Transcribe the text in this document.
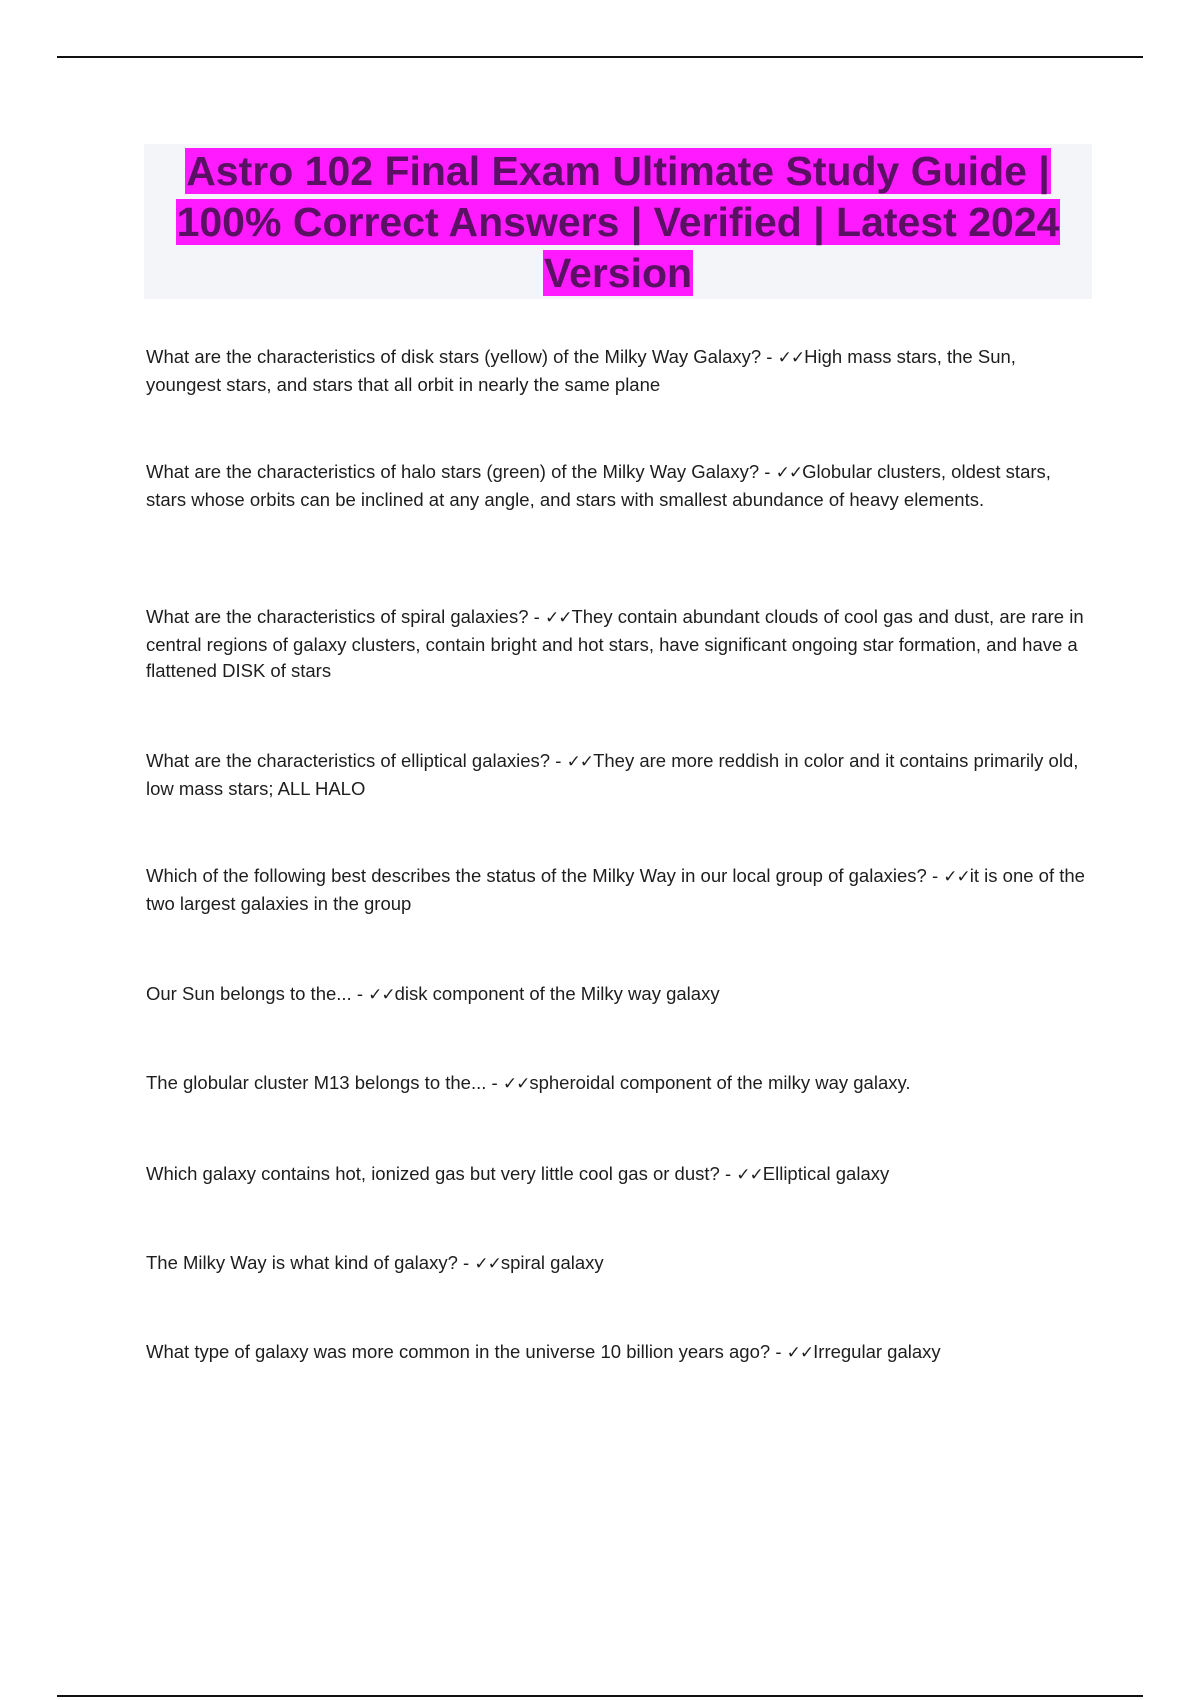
Astro 102 Final Exam Ultimate Study Guide | 100% Correct Answers | Verified | Latest 2024 Version

What are the characteristics of disk stars (yellow) of the Milky Way Galaxy? - ✓✓High mass stars, the Sun, youngest stars, and stars that all orbit in nearly the same plane

What are the characteristics of halo stars (green) of the Milky Way Galaxy? - ✓✓Globular clusters, oldest stars, stars whose orbits can be inclined at any angle, and stars with smallest abundance of heavy elements.

What are the characteristics of spiral galaxies? - ✓✓They contain abundant clouds of cool gas and dust, are rare in central regions of galaxy clusters, contain bright and hot stars, have significant ongoing star formation, and have a flattened DISK of stars

What are the characteristics of elliptical galaxies? - ✓✓They are more reddish in color and it contains primarily old, low mass stars; ALL HALO

Which of the following best describes the status of the Milky Way in our local group of galaxies? - ✓✓it is one of the two largest galaxies in the group

Our Sun belongs to the... - ✓✓disk component of the Milky way galaxy

The globular cluster M13 belongs to the... - ✓✓spheroidal component of the milky way galaxy.

Which galaxy contains hot, ionized gas but very little cool gas or dust? - ✓✓Elliptical galaxy

The Milky Way is what kind of galaxy? - ✓✓spiral galaxy

What type of galaxy was more common in the universe 10 billion years ago? - ✓✓Irregular galaxy
